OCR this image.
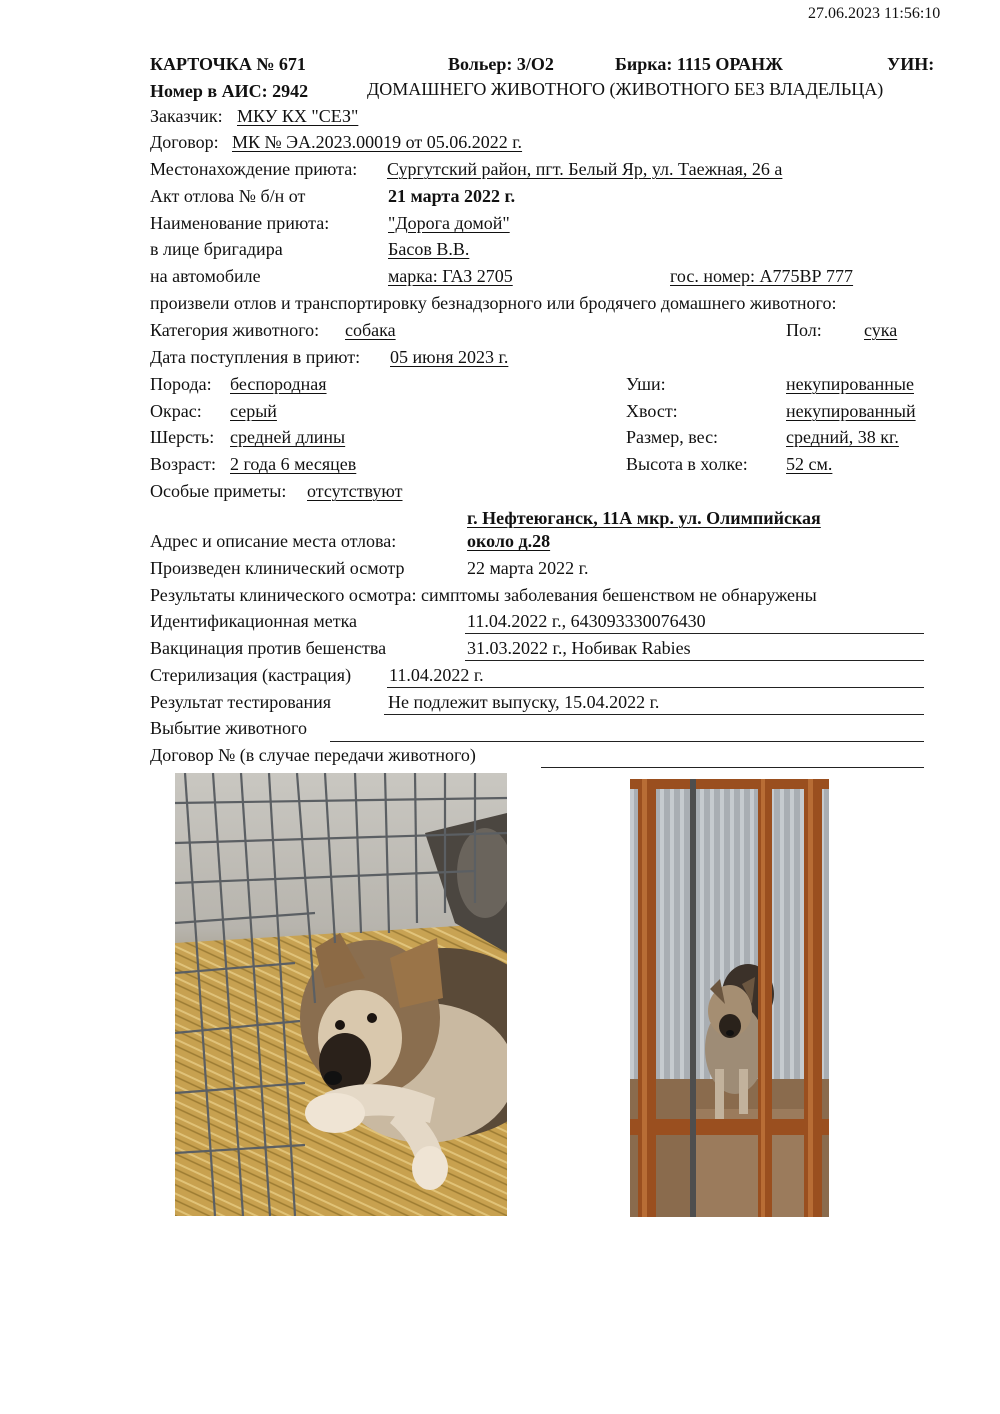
27.06.2023 11:56:10
КАРТОЧКА № 671	Вольер: 3/О2	Бирка: 1115 ОРАНЖ	УИН:
Номер в АИС: 2942	ДОМАШНЕГО ЖИВОТНОГО (ЖИВОТНОГО БЕЗ ВЛАДЕЛЬЦА)
Заказчик: МКУ КХ "СЕЗ"
Договор: МК № ЭА.2023.00019 от 05.06.2022 г.
Местонахождение приюта: Сургутский район, пгт. Белый Яр, ул. Таежная, 26 а
Акт отлова № б/н от	21 марта 2022 г.
Наименование приюта:	"Дорога домой"
в лице бригадира	Басов В.В.
на автомобиле	марка: ГАЗ 2705	гос. номер: А775ВР 777
произвели отлов и транспортировку безнадзорного или бродячего домашнего животного:
Категория животного: собака	Пол: сука
Дата поступления в приют: 05 июня 2023 г.
Порода: беспородная	Уши:	некупированные
Окрас: серый	Хвост:	некупированный
Шерсть: средней длины	Размер, вес:	средний, 38 кг.
Возраст: 2 года 6 месяцев	Высота в холке: 52 см.
Особые приметы: отсутствуют
г. Нефтеюганск, 11А мкр. ул. Олимпийская
Адрес и описание места отлова:	около д.28
Произведен клинический осмотр	22 марта 2022 г.
Результаты клинического осмотра: симптомы заболевания бешенством не обнаружены
Идентификационная метка	11.04.2022 г., 643093330076430
Вакцинация против бешенства	31.03.2022 г., Нобивак Rabies
Стерилизация (кастрация) 11.04.2022 г.
Результат тестирования	Не подлежит выпуску, 15.04.2022 г.
Выбытие животного
Договор № (в случае передачи животного)
